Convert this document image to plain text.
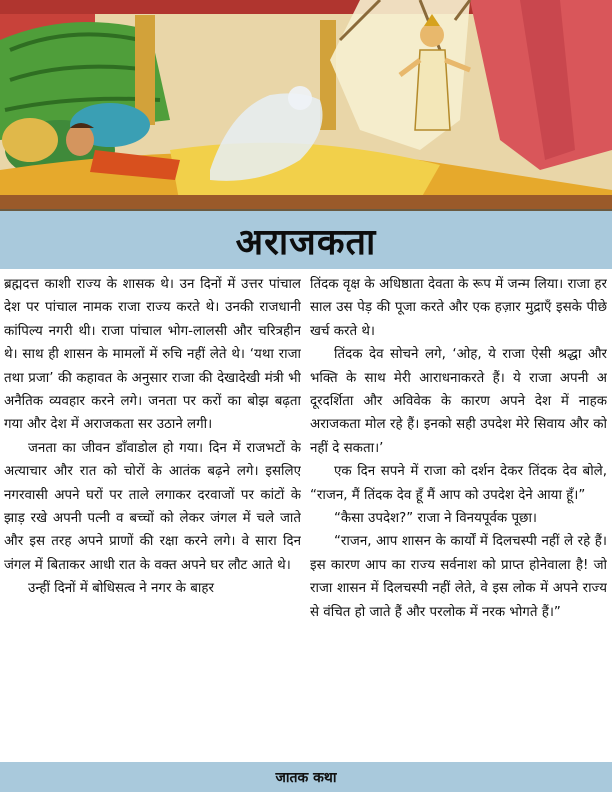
अराजकता

ब्रह्मदत्त काशी राज्य के शासक थे। उन दिनों में उत्तर पांचाल देश पर पांचाल नामक राजा राज्य करते थे। उनकी राजधानी कांपिल्य नगरी थी। राजा पांचाल भोग-लालसी और चरित्रहीन थे। साथ ही शासन के मामलों में रुचि नहीं लेते थे। ‘यथा राजा तथा प्रजा’ की कहावत के अनुसार राजा की देखादेखी मंत्री भी अनैतिक व्यवहार करने लगे। जनता पर करों का बोझ बढ़ता गया और देश में अराजकता सर उठाने लगी।

जनता का जीवन डाँवाडोल हो गया। दिन में राजभटों के अत्याचार और रात को चोरों के आतंक बढ़ने लगे। इसलिए नगरवासी अपने घरों पर ताले लगाकर दरवाजों पर कांटों के झाड़ रखे अपनी पत्नी व बच्चों को लेकर जंगल में चले जाते और इस तरह अपने प्राणों की रक्षा करने लगे। वे सारा दिन जंगल में बिताकर आधी रात के वक्त अपने घर लौट आते थे।

उन्हीं दिनों में बोधिसत्व ने नगर के बाहर

तिंदक वृक्ष के अधिष्ठाता देवता के रूप में जन्म लिया। राजा हर साल उस पेड़ की पूजा करते और एक हज़ार मुद्राएँ इसके पीछे खर्च करते थे।

तिंदक देव सोचने लगे, ‘ओह, ये राजा ऐसी श्रद्धा और भक्ति के साथ मेरी आराधनाकरते हैं। ये राजा अपनी अ दूरदर्शिता और अविवेक के कारण अपने देश में नाहक अराजकता मोल रहे हैं। इनको सही उपदेश मेरे सिवाय और को नहीं दे सकता।’

एक दिन सपने में राजा को दर्शन देकर तिंदक देव बोले, “राजन, मैं तिंदक देव हूँ मैं आप को उपदेश देने आया हूँ।”

“कैसा उपदेश?” राजा ने विनयपूर्वक पूछा।

“राजन, आप शासन के कार्यों में दिलचस्पी नहीं ले रहे हैं। इस कारण आप का राज्य सर्वनाश को प्राप्त होनेवाला है! जो राजा शासन में दिलचस्पी नहीं लेते, वे इस लोक में अपने राज्य से वंचित हो जाते हैं और परलोक में नरक भोगते हैं।”

जातक कथा
